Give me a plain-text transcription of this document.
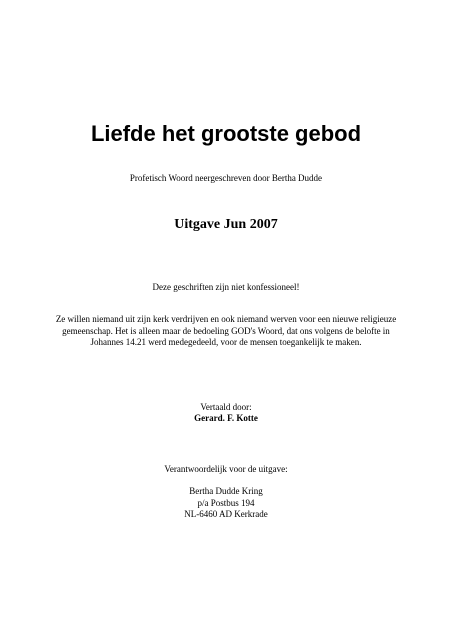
Liefde het grootste gebod
Profetisch Woord neergeschreven door Bertha Dudde
Uitgave Jun 2007
Deze geschriften zijn niet konfessioneel!
Ze willen niemand uit zijn kerk verdrijven en ook niemand werven voor een nieuwe religieuze
gemeenschap. Het is alleen maar de bedoeling GOD's Woord, dat ons volgens de belofte in
Johannes 14.21 werd medegedeeld, voor de mensen toegankelijk te maken.
Vertaald door:
Gerard. F. Kotte
Verantwoordelijk voor de uitgave:
Bertha Dudde Kring
p/a Postbus 194
NL-6460 AD Kerkrade
